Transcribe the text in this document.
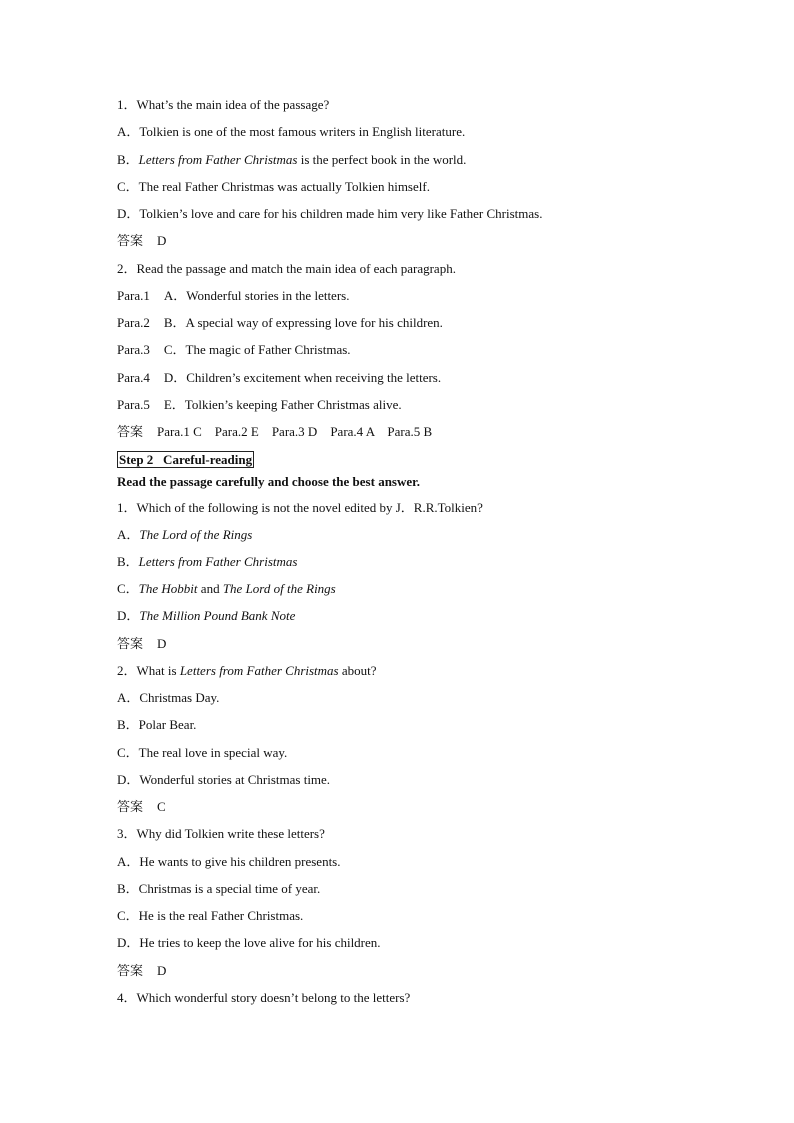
1．What’s the main idea of the passage?
A．Tolkien is one of the most famous writers in English literature.
B．Letters from Father Christmas is the perfect book in the world.
C．The real Father Christmas was actually Tolkien himself.
D．Tolkien’s love and care for his children made him very like Father Christmas.
答案 D
2．Read the passage and match the main idea of each paragraph.
Para.1 A．Wonderful stories in the letters.
Para.2 B．A special way of expressing love for his children.
Para.3 C．The magic of Father Christmas.
Para.4 D．Children’s excitement when receiving the letters.
Para.5 E．Tolkien’s keeping Father Christmas alive.
答案 Para.1 C    Para.2 E    Para.3 D    Para.4 A    Para.5 B
Step 2   Careful-reading
Read the passage carefully and choose the best answer.
1．Which of the following is not the novel edited by J．R.R.Tolkien?
A．The Lord of the Rings
B．Letters from Father Christmas
C．The Hobbit and The Lord of the Rings
D．The Million Pound Bank Note
答案 D
2．What is Letters from Father Christmas about?
A．Christmas Day.
B．Polar Bear.
C．The real love in special way.
D．Wonderful stories at Christmas time.
答案 C
3．Why did Tolkien write these letters?
A．He wants to give his children presents.
B．Christmas is a special time of year.
C．He is the real Father Christmas.
D．He tries to keep the love alive for his children.
答案 D
4．Which wonderful story doesn’t belong to the letters?
